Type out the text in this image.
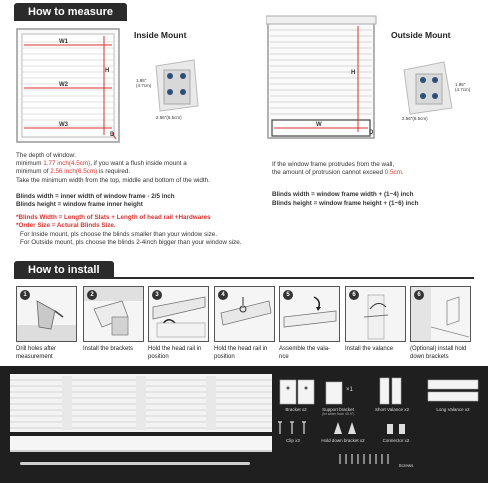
How to measure
W1
W2
W3
H
D
Inside Mount
1.85"
(4.7cm)
2.56"(6.5cm)
H
W
D
Outside Mount
1.85"
(4.7cm)
2.56"(6.5cm)
The depth of window:
minimum 1.77 inch(4.5cm), if you want a flush inside mount a
minimum of 2.56 inch(6.5cm) is required.
Take the minimum width from the top, middle and bottom of the width.
Blinds width = inner width of window frame - 2/5 inch
Blinds height = window frame inner height
*Blinds Width = Length of Slats + Length of head rail +Hardwares
*Order Size = Actural Blinds Size.
For Inside mount, pls choose the blinds smaller than your window size.
For Outside mount, pls choose the blinds 2-4inch bigger than your window size.
If the window frame protrudes from the wall,
the amount of protrusion cannot exceed 0.5cm.
Blinds width = window frame width + (1~4) inch
Blinds height = window frame height + (1~6) inch
How to install
1	2	3	4	5	6	6
Drill holes after measurement
Install the brackets	Hold the head rail in position
Hold the head rail in position
Assemble the vala- nce
Install the valance	(Optional) install hold down brackets
Bracket x2
×1
Support bracket
(for wider than 40.9")
Short Valance x2	Long Valance x2
Clip x3	Hold down bracket x2	Connector x2
Screws
